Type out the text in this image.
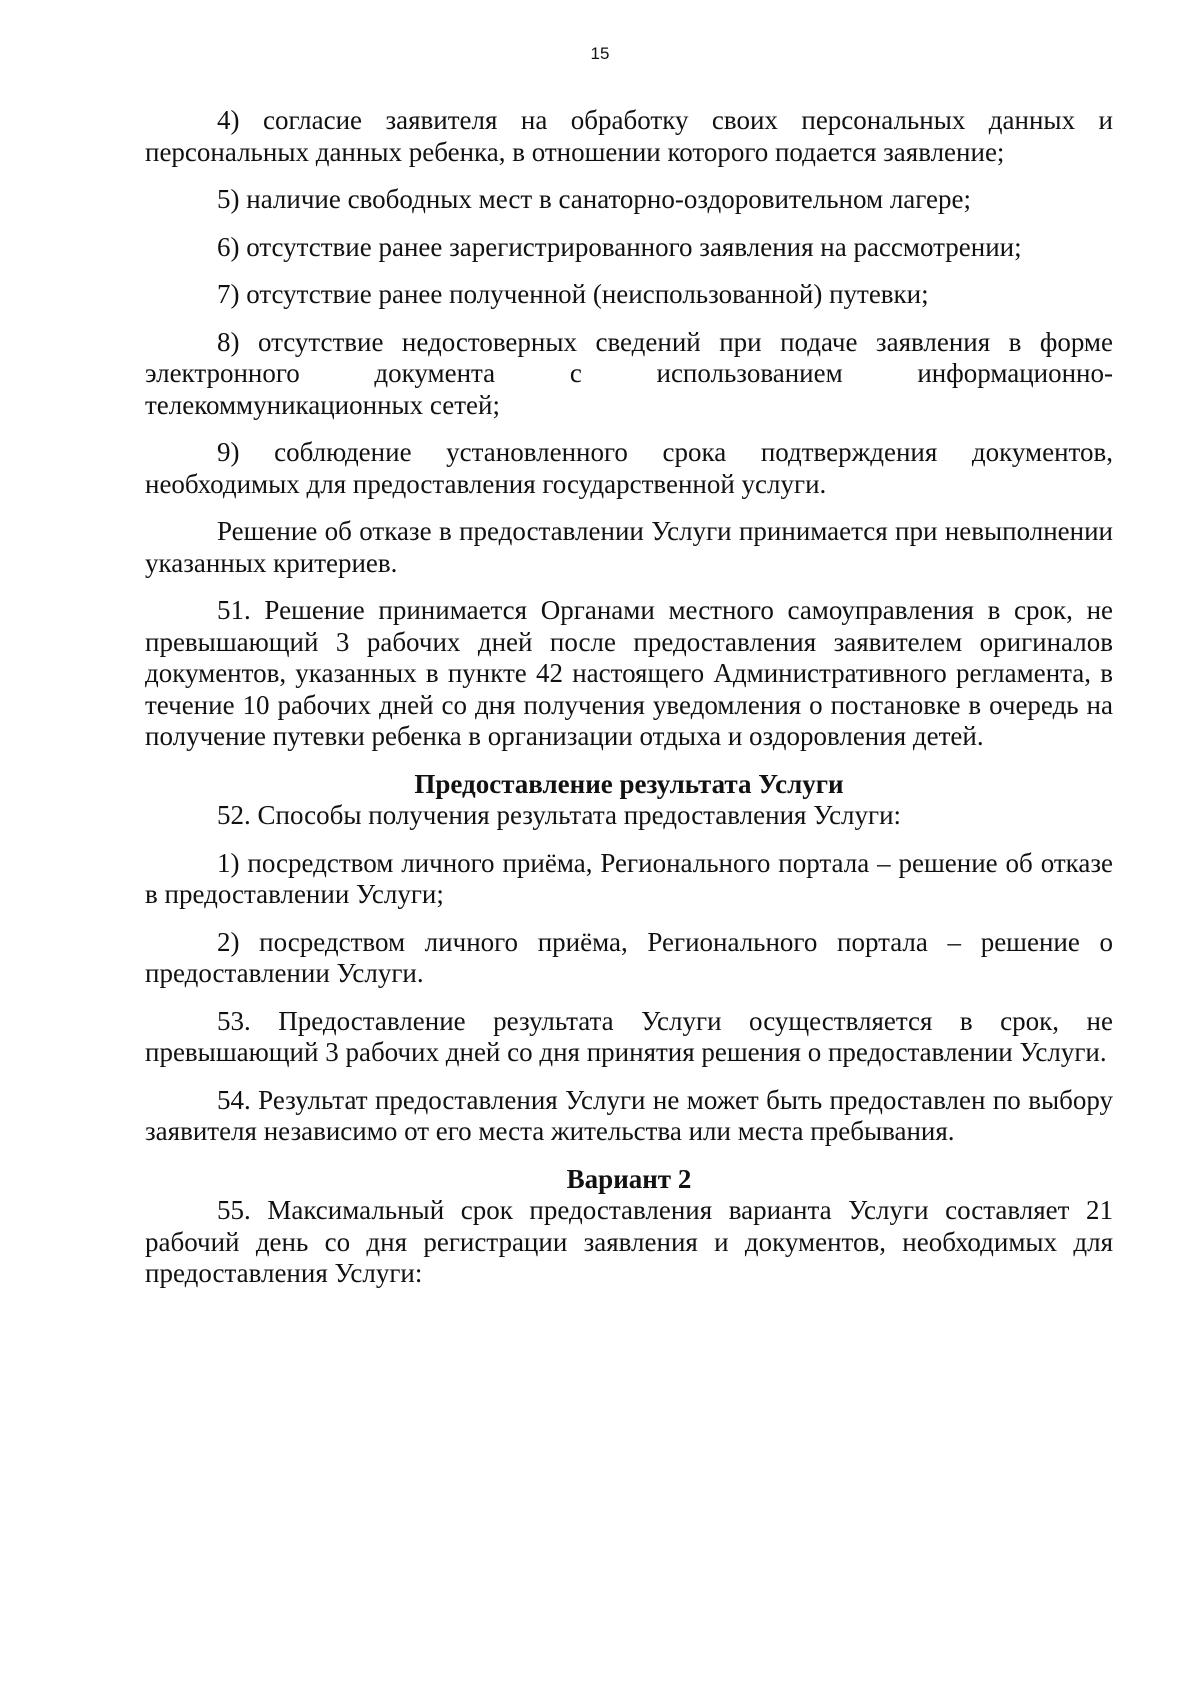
15

4) согласие заявителя на обработку своих персональных данных и персональных данных ребенка, в отношении которого подается заявление;

5) наличие свободных мест в санаторно-оздоровительном лагере;

6) отсутствие ранее зарегистрированного заявления на рассмотрении;

7) отсутствие ранее полученной (неиспользованной) путевки;

8) отсутствие недостоверных сведений при подаче заявления в форме электронного документа с использованием информационно-телекоммуникационных сетей;

9) соблюдение установленного срока подтверждения документов, необходимых для предоставления государственной услуги.

Решение об отказе в предоставлении Услуги принимается при невыполнении указанных критериев.

51. Решение принимается Органами местного самоуправления в срок, не превышающий 3 рабочих дней после предоставления заявителем оригиналов документов, указанных в пункте 42 настоящего Административного регламента, в течение 10 рабочих дней со дня получения уведомления о постановке в очередь на получение путевки ребенка в организации отдыха и оздоровления детей.

Предоставление результата Услуги

52. Способы получения результата предоставления Услуги:

1) посредством личного приёма, Регионального портала – решение об отказе в предоставлении Услуги;

2) посредством личного приёма, Регионального портала – решение о предоставлении Услуги.

53. Предоставление результата Услуги осуществляется в срок, не превышающий 3 рабочих дней со дня принятия решения о предоставлении Услуги.

54. Результат предоставления Услуги не может быть предоставлен по выбору заявителя независимо от его места жительства или места пребывания.

Вариант 2

55. Максимальный срок предоставления варианта Услуги составляет 21 рабочий день со дня регистрации заявления и документов, необходимых для предоставления Услуги:
